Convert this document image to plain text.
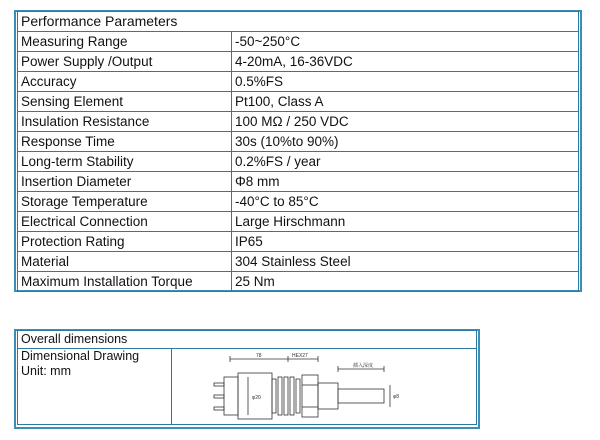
Performance Parameters	
Measuring Range	-50~250°C
Power Supply /Output	4-20mA, 16-36VDC
Accuracy	0.5%FS
Sensing Element	Pt100, Class A
Insulation Resistance	100 MΩ / 250 VDC
Response Time	30s (10%to 90%)
Long-term Stability	0.2%FS / year
Insertion Diameter	Φ8 mm
Storage Temperature	-40°C to 85°C
Electrical Connection	Large Hirschmann
Protection Rating	IP65
Material	304 Stainless Steel
Maximum Installation Torque	25 Nm
Overall dimensions

Dimensional Drawing
Unit: mm

78	HEX27
插入深度
φ20	φ8
